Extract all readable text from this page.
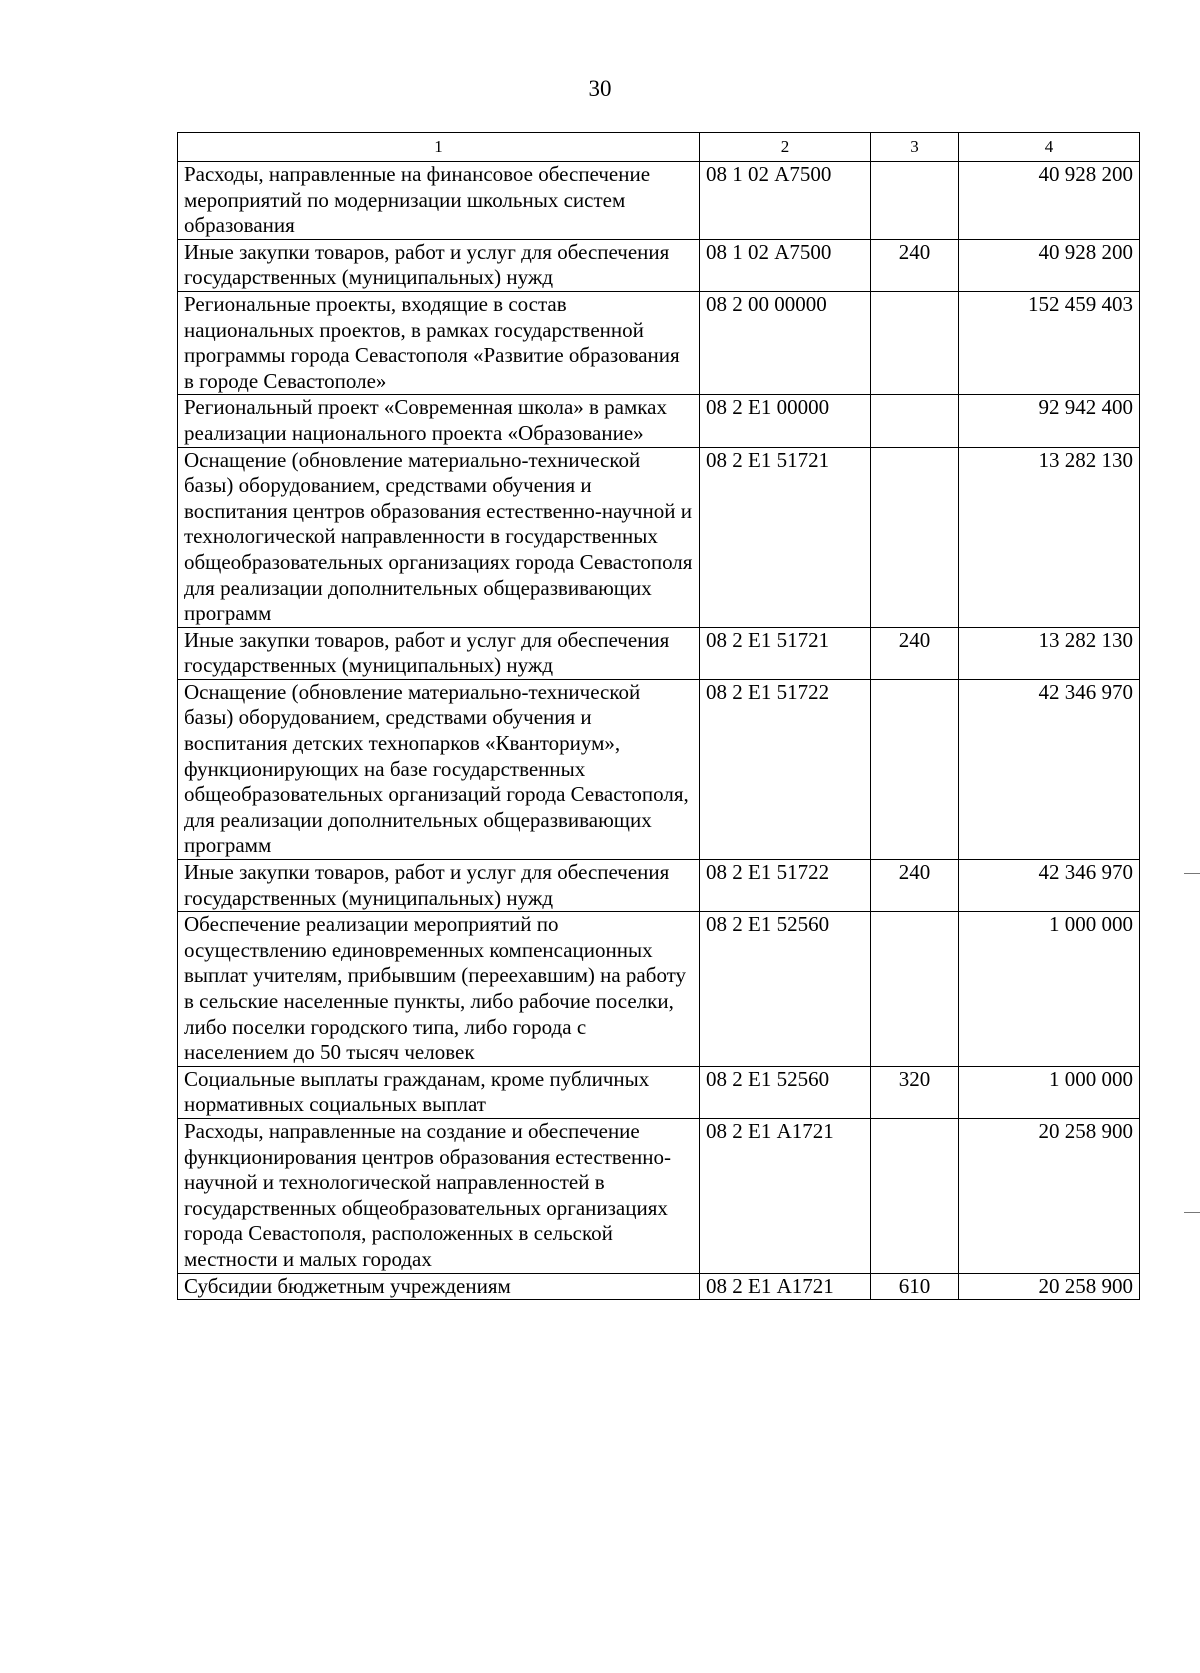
30
1	2	3	4
Расходы, направленные на финансовое обеспечение мероприятий по модернизации школьных систем образования	08 1 02 А7500		40 928 200
Иные закупки товаров, работ и услуг для обеспечения государственных (муниципальных) нужд	08 1 02 А7500	240	40 928 200
Региональные проекты, входящие в состав национальных проектов, в рамках государственной программы города Севастополя «Развитие образования в городе Севастополе»	08 2 00 00000		152 459 403
Региональный проект «Современная школа» в рамках реализации национального проекта «Образование»	08 2 Е1 00000		92 942 400
Оснащение (обновление материально-технической базы) оборудованием, средствами обучения и воспитания центров образования естественно-научной и технологической направленности в государственных общеобразовательных организациях города Севастополя для реализации дополнительных общеразвивающих программ	08 2 Е1 51721		13 282 130
Иные закупки товаров, работ и услуг для обеспечения государственных (муниципальных) нужд	08 2 Е1 51721	240	13 282 130
Оснащение (обновление материально-технической базы) оборудованием, средствами обучения и воспитания детских технопарков «Кванториум», функционирующих на базе государственных общеобразовательных организаций города Севастополя, для реализации дополнительных общеразвивающих программ	08 2 Е1 51722		42 346 970
Иные закупки товаров, работ и услуг для обеспечения государственных (муниципальных) нужд	08 2 Е1 51722	240	42 346 970
Обеспечение реализации мероприятий по осуществлению единовременных компенсационных выплат учителям, прибывшим (переехавшим) на работу в сельские населенные пункты, либо рабочие поселки, либо поселки городского типа, либо города с населением до 50 тысяч человек	08 2 Е1 52560		1 000 000
Социальные выплаты гражданам, кроме публичных нормативных социальных выплат	08 2 Е1 52560	320	1 000 000
Расходы, направленные на создание и обеспечение функционирования центров образования естественно-научной и технологической направленностей в государственных общеобразовательных организациях города Севастополя, расположенных в сельской местности и малых городах	08 2 Е1 А1721		20 258 900
Субсидии бюджетным учреждениям	08 2 Е1 А1721	610	20 258 900
